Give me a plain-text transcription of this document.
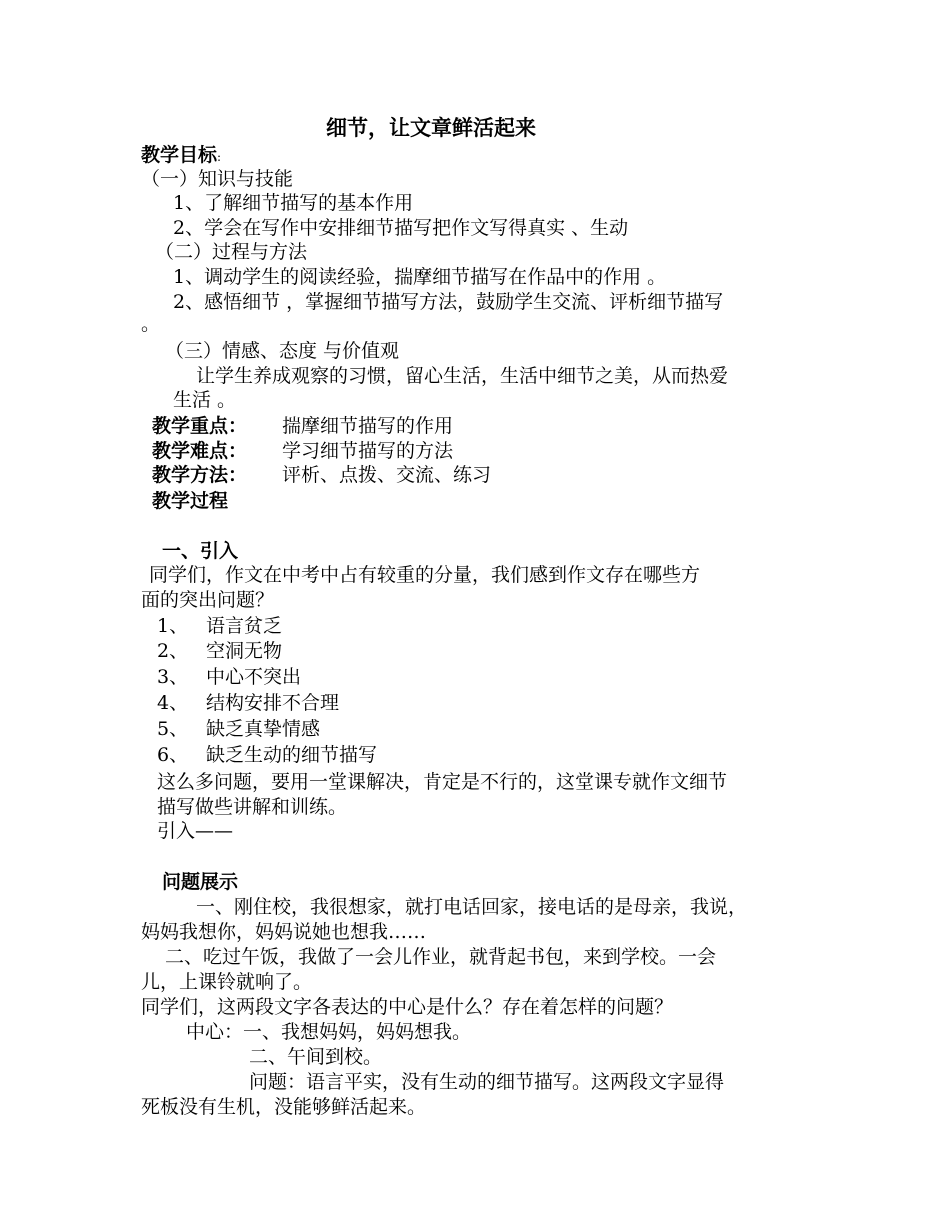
细节，让文章鲜活起来
教学目标:
（一）知识与技能
1、了解细节描写的基本作用
2、学会在写作中安排细节描写把作文写得真实 、生动
（二）过程与方法
1、调动学生的阅读经验，揣摩细节描写在作品中的作用 。
2、感悟细节 ，掌握细节描写方法，鼓励学生交流、评析细节描写
。
（三）情感、态度 与价值观
让学生养成观察的习惯，留心生活，生活中细节之美，从而热爱
生活 。
教学重点： 揣摩细节描写的作用
教学难点： 学习细节描写的方法
教学方法： 评析、点拨、交流、练习
教学过程
一、引入
同学们，作文在中考中占有较重的分量，我们感到作文存在哪些方
面的突出问题？
1、 语言贫乏
2、 空洞无物
3、 中心不突出
4、 结构安排不合理
5、 缺乏真挚情感
6、 缺乏生动的细节描写
这么多问题，要用一堂课解决，肯定是不行的，这堂课专就作文细节
描写做些讲解和训练。
引入——
问题展示
一、刚住校，我很想家，就打电话回家，接电话的是母亲，我说，
妈妈我想你，妈妈说她也想我……
二、吃过午饭，我做了一会儿作业，就背起书包，来到学校。一会
儿，上课铃就响了。
同学们，这两段文字各表达的中心是什么？存在着怎样的问题？
中心：一、我想妈妈，妈妈想我。
二、午间到校。
问题：语言平实，没有生动的细节描写。这两段文字显得
死板没有生机，没能够鲜活起来。
